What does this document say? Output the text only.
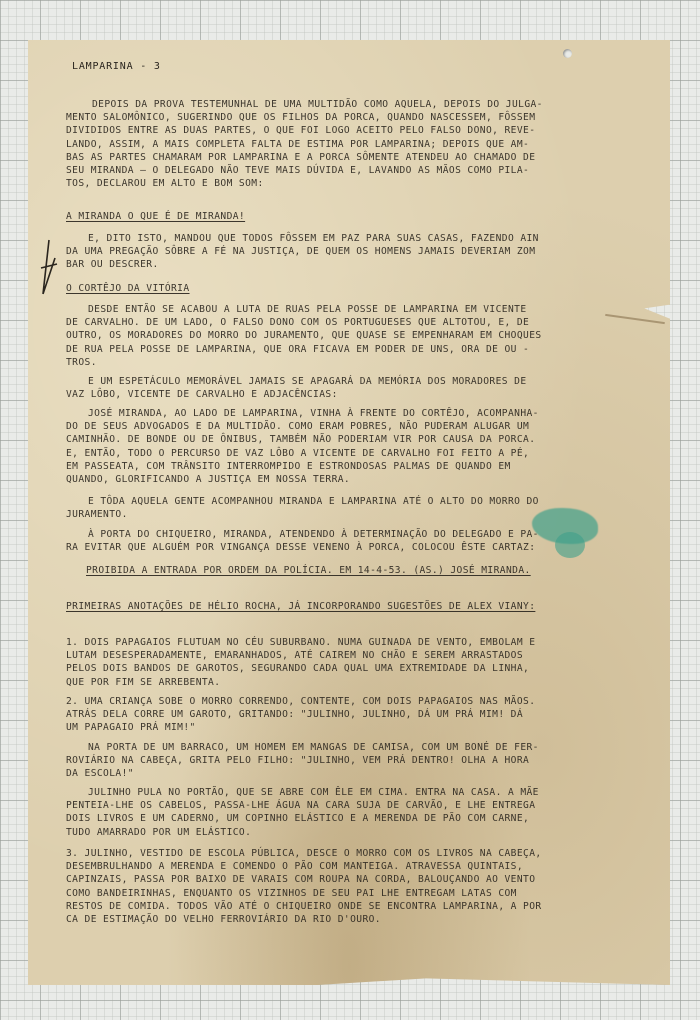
LAMPARINA - 3
DEPOIS DA PROVA TESTEMUNHAL DE UMA MULTIDÃO COMO AQUELA, DEPOIS DO JULGA-
MENTO SALOMÔNICO, SUGERINDO QUE OS FILHOS DA PORCA, QUANDO NASCESSEM, FÔSSEM
DIVIDIDOS ENTRE AS DUAS PARTES, O QUE FOI LOGO ACEITO PELO FALSO DONO, REVE-
LANDO, ASSIM, A MAIS COMPLETA FALTA DE ESTIMA POR LAMPARINA; DEPOIS QUE AM-
BAS AS PARTES CHAMARAM POR LAMPARINA E A PORCA SÔMENTE ATENDEU AO CHAMADO DE
SEU MIRANDA — O DELEGADO NÃO TEVE MAIS DÚVIDA E, LAVANDO AS MÃOS COMO PILA-
TOS, DECLAROU EM ALTO E BOM SOM:
A MIRANDA O QUE É DE MIRANDA!
E, DITO ISTO, MANDOU QUE TODOS FÔSSEM EM PAZ PARA SUAS CASAS, FAZENDO AIN
DA UMA PREGAÇÃO SÔBRE A FÉ NA JUSTIÇA, DE QUEM OS HOMENS JAMAIS DEVERIAM ZOM
BAR OU DESCRER.
O CORTÊJO DA VITÓRIA
DESDE ENTÃO SE ACABOU A LUTA DE RUAS PELA POSSE DE LAMPARINA EM VICENTE
DE CARVALHO. DE UM LADO, O FALSO DONO COM OS PORTUGUESES QUE ALTOTOU, E, DE
OUTRO, OS MORADORES DO MORRO DO JURAMENTO, QUE QUASE SE EMPENHARAM EM CHOQUES
DE RUA PELA POSSE DE LAMPARINA, QUE ORA FICAVA EM PODER DE UNS, ORA DE OU -
TROS.
E UM ESPETÁCULO MEMORÁVEL JAMAIS SE APAGARÁ DA MEMÓRIA DOS MORADORES DE
VAZ LÔBO, VICENTE DE CARVALHO E ADJACÊNCIAS:
JOSÉ MIRANDA, AO LADO DE LAMPARINA, VINHA À FRENTE DO CORTÊJO, ACOMPANHA-
DO DE SEUS ADVOGADOS E DA MULTIDÃO. COMO ERAM POBRES, NÃO PUDERAM ALUGAR UM
CAMINHÃO. DE BONDE OU DE ÔNIBUS, TAMBÉM NÃO PODERIAM VIR POR CAUSA DA PORCA.
E, ENTÃO, TODO O PERCURSO DE VAZ LÔBO A VICENTE DE CARVALHO FOI FEITO A PÉ,
EM PASSEATA, COM TRÂNSITO INTERROMPIDO E ESTRONDOSAS PALMAS DE QUANDO EM
QUANDO, GLORIFICANDO A JUSTIÇA EM NOSSA TERRA.
E TÔDA AQUELA GENTE ACOMPANHOU MIRANDA E LAMPARINA ATÉ O ALTO DO MORRO DO
JURAMENTO.
À PORTA DO CHIQUEIRO, MIRANDA, ATENDENDO À DETERMINAÇÃO DO DELEGADO E PA-
RA EVITAR QUE ALGUÉM POR VINGANÇA DESSE VENENO À PORCA, COLOCOU ÊSTE CARTAZ:
PROIBIDA A ENTRADA POR ORDEM DA POLÍCIA. EM 14-4-53. (AS.) JOSÉ MIRANDA.
PRIMEIRAS ANOTAÇÕES DE HÉLIO ROCHA, JÁ INCORPORANDO SUGESTÕES DE ALEX VIANY:
1. DOIS PAPAGAIOS FLUTUAM NO CÉU SUBURBANO. NUMA GUINADA DE VENTO, EMBOLAM E
LUTAM DESESPERADAMENTE, EMARANHADOS, ATÉ CAIREM NO CHÃO E SEREM ARRASTADOS
PELOS DOIS BANDOS DE GAROTOS, SEGURANDO CADA QUAL UMA EXTREMIDADE DA LINHA,
QUE POR FIM SE ARREBENTA.
2. UMA CRIANÇA SOBE O MORRO CORRENDO, CONTENTE, COM DOIS PAPAGAIOS NAS MÃOS.
ATRÁS DELA CORRE UM GAROTO, GRITANDO: "JULINHO, JULINHO, DÁ UM PRÁ MIM! DÁ
UM PAPAGAIO PRÁ MIM!"
NA PORTA DE UM BARRACO, UM HOMEM EM MANGAS DE CAMISA, COM UM BONÉ DE FER-
ROVIÁRIO NA CABEÇA, GRITA PELO FILHO: "JULINHO, VEM PRÁ DENTRO! OLHA A HORA
DA ESCOLA!"
JULINHO PULA NO PORTÃO, QUE SE ABRE COM ÊLE EM CIMA. ENTRA NA CASA. A MÃE
PENTEIA-LHE OS CABELOS, PASSA-LHE ÁGUA NA CARA SUJA DE CARVÃO, E LHE ENTREGA
DOIS LIVROS E UM CADERNO, UM COPINHO ELÁSTICO E A MERENDA DE PÃO COM CARNE,
TUDO AMARRADO POR UM ELÁSTICO.
3. JULINHO, VESTIDO DE ESCOLA PÚBLICA, DESCE O MORRO COM OS LIVROS NA CABEÇA,
DESEMBRULHANDO A MERENDA E COMENDO O PÃO COM MANTEIGA. ATRAVESSA QUINTAIS,
CAPINZAIS, PASSA POR BAIXO DE VARAIS COM ROUPA NA CORDA, BALOUÇANDO AO VENTO
COMO BANDEIRINHAS, ENQUANTO OS VIZINHOS DE SEU PAI LHE ENTREGAM LATAS COM
RESTOS DE COMIDA. TODOS VÃO ATÉ O CHIQUEIRO ONDE SE ENCONTRA LAMPARINA, A POR
CA DE ESTIMAÇÃO DO VELHO FERROVIÁRIO DA RIO D'OURO.
